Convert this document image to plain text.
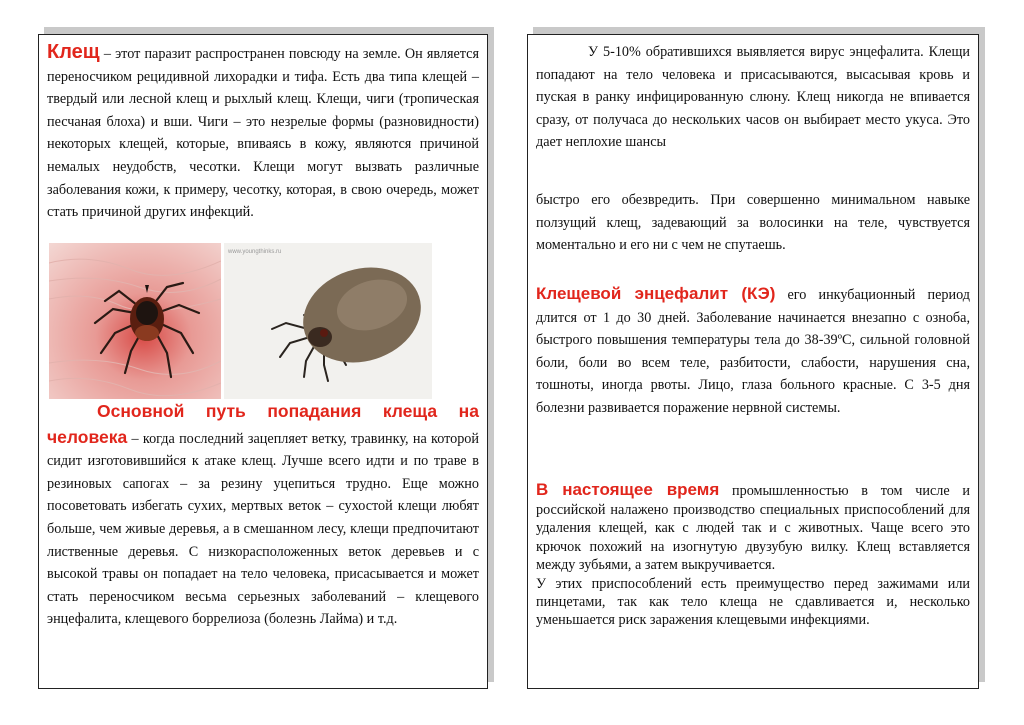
Клещ – этот паразит распространен повсюду на земле. Он является переносчиком рецидивной лихорадки и тифа. Есть два типа клещей – твердый или лесной клещ и рыхлый клещ. Клещи, чиги (тропическая песчаная блоха) и вши. Чиги – это незрелые формы (разновидности) некоторых клещей, которые, впиваясь в кожу, являются причиной немалых неудобств, чесотки. Клещи могут вызвать различные заболевания кожи, к примеру, чесотку, которая, в свою очередь, может стать причиной других инфекций.

www.youngthinks.ru

Основной путь попадания клеща на человека – когда последний зацепляет ветку, травинку, на которой сидит изготовившийся к атаке клещ. Лучше всего идти и по траве в резиновых сапогах – за резину уцепиться трудно. Еще можно посоветовать избегать сухих, мертвых веток – сухостой клещи любят больше, чем живые деревья, а в смешанном лесу, клещи предпочитают лиственные деревья. С низкорасположенных веток деревьев и с высокой травы он попадает на тело человека, присасывается и может стать переносчиком весьма серьезных заболеваний – клещевого энцефалита, клещевого боррелиоза (болезнь Лайма) и т.д.

У 5-10% обратившихся выявляется вирус энцефалита. Клещи попадают на тело человека и присасываются, высасывая кровь и пуская в ранку инфицированную слюну. Клещ никогда не впивается сразу, от получаса до нескольких часов он выбирает место укуса. Это дает неплохие шансы

быстро его обезвредить. При совершенно минимальном навыке ползущий клещ, задевающий за волосинки на теле, чувствуется моментально и его ни с чем не спутаешь.

Клещевой энцефалит (КЭ) его инкубационный период длится от 1 до 30 дней. Заболевание начинается внезапно с озноба, быстрого повышения температуры тела до 38-39ºС, сильной головной боли, боли во всем теле, разбитости, слабости, нарушения сна, тошноты, иногда рвоты. Лицо, глаза больного красные. С 3-5 дня болезни развивается поражение нервной системы.

В настоящее время промышленностью в том числе и российской налажено производство специальных приспособлений для удаления клещей, как с людей так и с животных. Чаще всего это крючок похожий на изогнутую двузубую вилку. Клещ вставляется между зубьями, а затем выкручивается.
У этих приспособлений есть преимущество перед зажимами или пинцетами, так как тело клеща не сдавливается и, несколько уменьшается риск заражения клещевыми инфекциями.
